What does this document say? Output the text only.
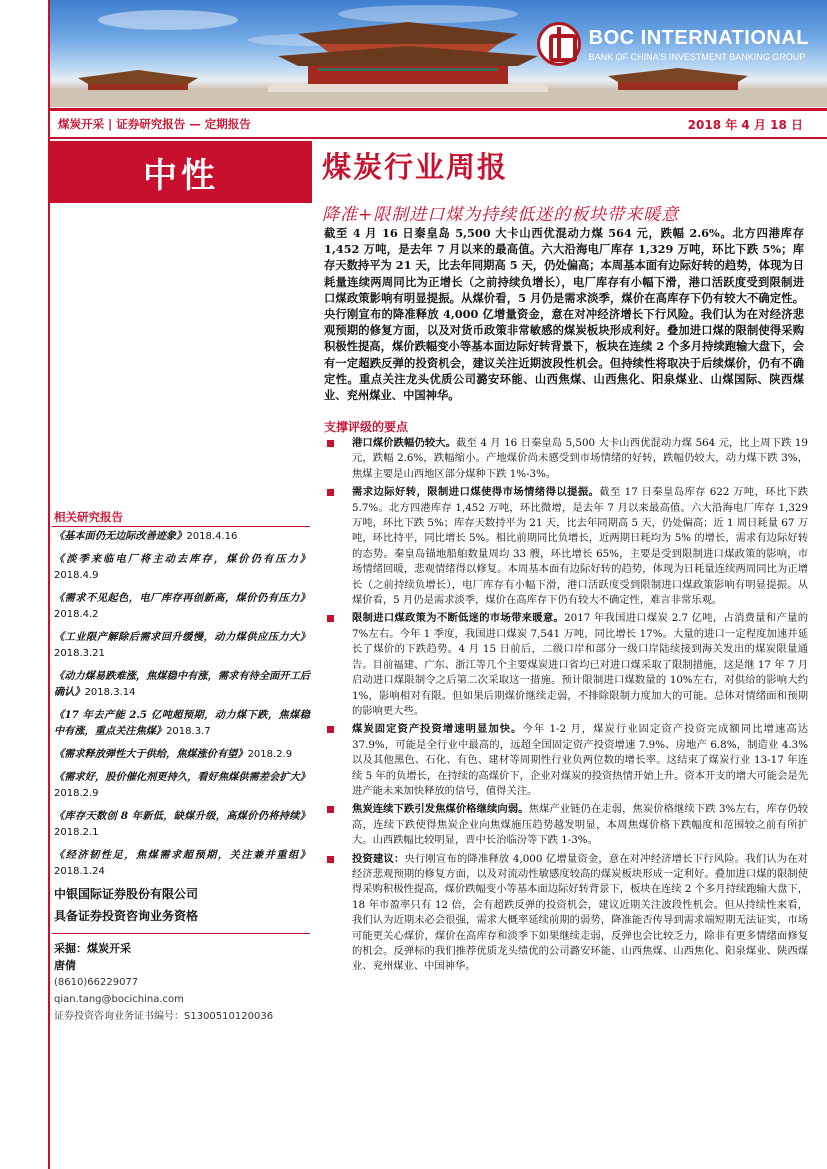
BOC INTERNATIONAL
BANK OF CHINA'S INVESTMENT BANKING GROUP
煤炭开采 | 证券研究报告 — 定期报告	2018 年 4 月 18 日
中性	煤炭行业周报
降准+限制进口煤为持续低迷的板块带来暖意
截至 4 月 16 日秦皇岛 5,500 大卡山西优混动力煤 564 元，跌幅 2.6%。北方四港库存 1,452 万吨，是去年 7 月以来的最高值。六大沿海电厂库存 1,329 万吨，环比下跌 5%；库存天数持平为 21 天，比去年同期高 5 天，仍处偏高；本周基本面有边际好转的趋势，体现为日耗量连续两周同比为正增长（之前持续负增长），电厂库存有小幅下滑，港口活跃度受到限制进口煤政策影响有明显提振。从煤价看，5 月仍是需求淡季，煤价在高库存下仍有较大不确定性。央行刚宣布的降准释放 4,000 亿增量资金，意在对冲经济增长下行风险。我们认为在对经济悲观预期的修复方面，以及对货币政策非常敏感的煤炭板块形成利好。叠加进口煤的限制使得采购积极性提高，煤价跌幅变小等基本面边际好转背景下，板块在连续 2 个多月持续跑输大盘下，会有一定超跌反弹的投资机会，建议关注近期波段性机会。但持续性将取决于后续煤价，仍有不确定性。重点关注龙头优质公司潞安环能、山西焦煤、山西焦化、阳泉煤业、山煤国际、陕西煤业、兖州煤业、中国神华。
支撑评级的要点
港口煤价跌幅仍较大。截至 4 月 16 日秦皇岛 5,500 大卡山西优混动力煤 564 元，比上周下跌 19 元，跌幅 2.6%，跌幅缩小。产地煤价尚未感受到市场情绪的好转，跌幅仍较大，动力煤下跌 3%，焦煤主要是山西地区部分煤种下跌 1%-3%。
需求边际好转，限制进口煤使得市场情绪得以提振。截至 17 日秦皇岛库存 622 万吨，环比下跌 5.7%。北方四港库存 1,452 万吨，环比微增，是去年 7 月以来最高值。六大沿海电厂库存 1,329 万吨，环比下跌 5%；库存天数持平为 21 天，比去年同期高 5 天，仍处偏高；近 1 周日耗量 67 万吨，环比持平，同比增长 5%。相比前期同比负增长，近两期日耗均为 5% 的增长，需求有边际好转的态势。秦皇岛锚地船舶数量周均 33 艘，环比增长 65%，主要是受到限制进口煤政策的影响，市场情绪回暖，悲观情绪得以修复。本周基本面有边际好转的趋势，体现为日耗量连续两周同比为正增长（之前持续负增长），电厂库存有小幅下滑，港口活跃度受到限制进口煤政策影响有明显提振。从煤价看，5 月仍是需求淡季，煤价在高库存下仍有较大不确定性，难言非常乐观。
限制进口煤政策为不断低迷的市场带来暖意。2017 年我国进口煤炭 2.7 亿吨，占消费量和产量的 7%左右。今年 1 季度，我国进口煤炭 7,541 万吨，同比增长 17%。大量的进口一定程度加速并延长了煤价的下跌趋势。4 月 15 日前后，二级口岸和部分一级口岸陆续接到海关发出的煤炭限量通告。目前福建、广东、浙江等几个主要煤炭进口省均已对进口煤采取了限制措施，这是继 17 年 7 月启动进口煤限制令之后第二次采取这一措施。预计限制进口煤数量的 10%左右，对供给的影响大约 1%，影响相对有限。但如果后期煤价继续走弱，不排除限制力度加大的可能。总体对情绪面和预期的影响更大些。
煤炭固定资产投资增速明显加快。今年 1-2 月，煤炭行业固定资产投资完成额同比增速高达 37.9%，可能是全行业中最高的，远超全国固定资产投资增速 7.9%、房地产 6.8%，制造业 4.3%以及其他黑色、石化、有色、建材等周期性行业负两位数的增长率。这结束了煤炭行业 13-17 年连续 5 年的负增长，在持续的高煤价下，企业对煤炭的投资热情开始上升。资本开支的增大可能会是先进产能未来加快释放的信号，值得关注。
焦炭连续下跌引发焦煤价格继续向弱。焦煤产业链仍在走弱，焦炭价格继续下跌 3%左右，库存仍较高，连续下跌使得焦炭企业向焦煤施压趋势越发明显，本周焦煤价格下跌幅度和范围较之前有所扩大。山西跌幅比较明显，晋中长治临汾等下跌 1-3%。
投资建议：央行刚宣布的降准释放 4,000 亿增量资金，意在对冲经济增长下行风险。我们认为在对经济悲观预期的修复方面，以及对流动性敏感度较高的煤炭板块形成一定利好。叠加进口煤的限制使得采购积极性提高，煤价跌幅变小等基本面边际好转背景下，板块在连续 2 个多月持续跑输大盘下，18 年市盈率只有 12 倍，会有超跌反弹的投资机会，建议近期关注波段性机会。但从持续性来看，我们认为近期未必会很强，需求大概率延续前期的弱势，降准能否传导到需求端短期无法证实，市场可能更关心煤价，煤价在高库存和淡季下如果继续走弱，反弹也会比较乏力，除非有更多情绪面修复的机会。反弹标的我们推荐优质龙头绩优的公司潞安环能、山西焦煤、山西焦化、阳泉煤业、陕西煤业、兖州煤业、中国神华。
相关研究报告
《基本面仍无边际改善迹象》2018.4.16
《淡季来临电厂将主动去库存，煤价仍有压力》2018.4.9
《需求不见起色，电厂库存再创新高，煤价仍有压力》2018.4.2
《工业限产解除后需求回升缓慢，动力煤供应压力大》2018.3.21
《动力煤易跌难涨，焦煤稳中有涨，需求有待全面开工后确认》2018.3.14
《17 年去产能 2.5 亿吨超预期，动力煤下跌，焦煤稳中有涨，重点关注焦煤》2018.3.7
《需求释放弹性大于供给，焦煤涨价有望》2018.2.9
《需求好，股价催化剂更持久，看好焦煤供需差会扩大》2018.2.9
《库存天数创 8 年新低，缺煤升级，高煤价仍将持续》2018.2.1
《经济韧性足，焦煤需求超预期，关注兼并重组》2018.1.24
中银国际证券股份有限公司
具备证券投资咨询业务资格
采掘：煤炭开采
唐倩
(8610)66229077
qian.tang@bocichina.com
证券投资咨询业务证书编号：S1300510120036
